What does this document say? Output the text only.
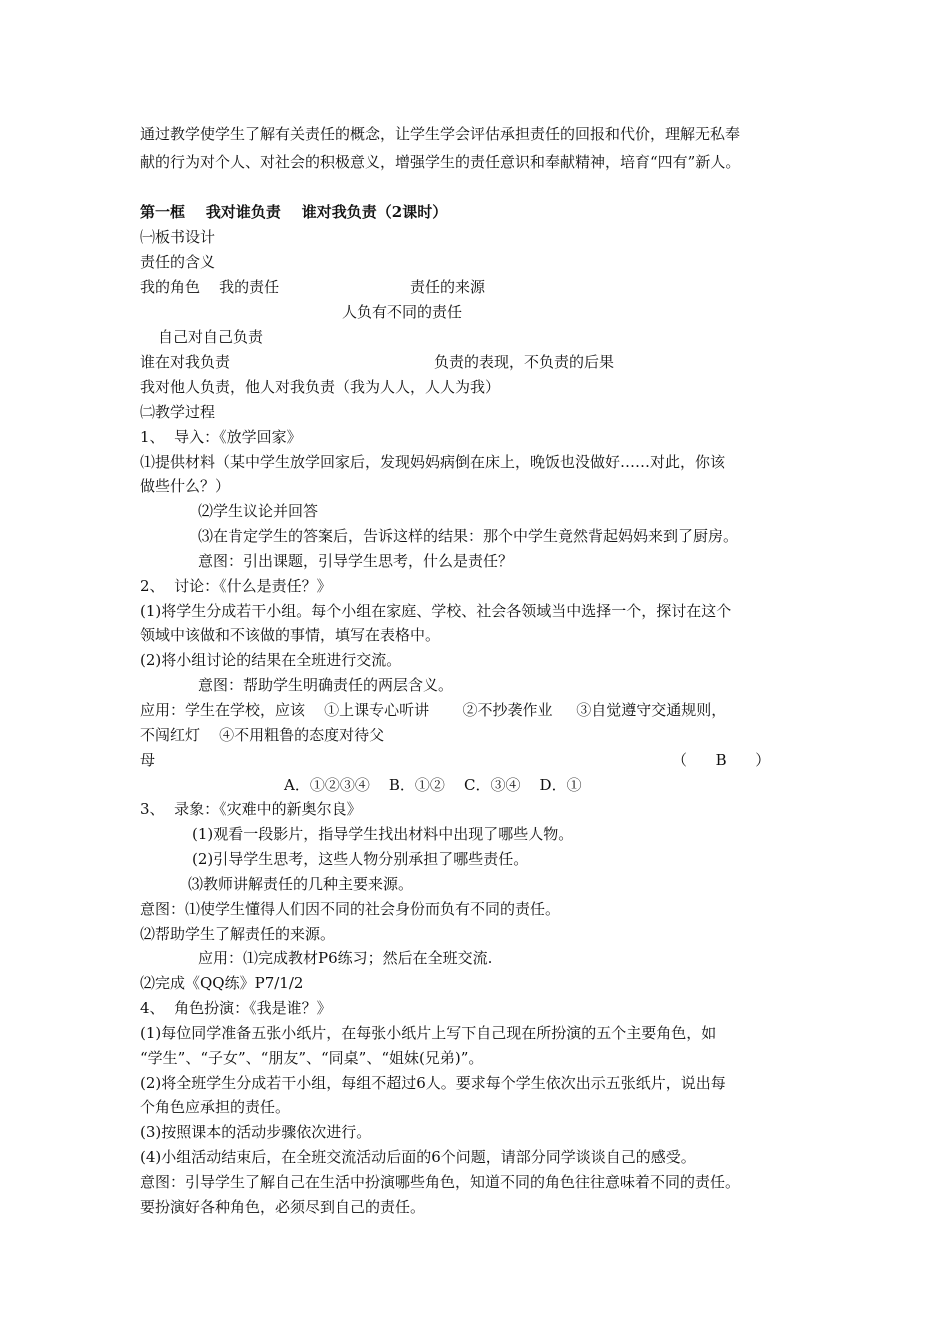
通过教学使学生了解有关责任的概念，让学生学会评估承担责任的回报和代价，理解无私奉
献的行为对个人、对社会的积极意义，增强学生的责任意识和奉献精神，培育“四有”新人。
第一框    我对谁负责    谁对我负责（2课时）
㈠板书设计
责任的含义
我的角色    我的责任	责任的来源
人负有不同的责任
自己对自己负责
谁在对我负责	负责的表现，不负责的后果
我对他人负责，他人对我负责（我为人人，人人为我）
㈡教学过程
1、  导入：《放学回家》
⑴提供材料（某中学生放学回家后，发现妈妈病倒在床上，晚饭也没做好……对此，你该
做些什么？）
⑵学生议论并回答
⑶在肯定学生的答案后，告诉这样的结果：那个中学生竟然背起妈妈来到了厨房。
意图：引出课题，引导学生思考，什么是责任？
2、  讨论：《什么是责任？》
(1)将学生分成若干小组。每个小组在家庭、学校、社会各领域当中选择一个，探讨在这个
领域中该做和不该做的事情，填写在表格中。
(2)将小组讨论的结果在全班进行交流。
意图：帮助学生明确责任的两层含义。
应用：学生在学校，应该    ①上课专心听讲       ②不抄袭作业     ③自觉遵守交通规则，
不闯红灯    ④不用粗鲁的态度对待父
母	（      B      ）
A．①②③④    B．①②    C．③④    D．①
3、  录象：《灾难中的新奥尔良》
(1)观看一段影片，指导学生找出材料中出现了哪些人物。
(2)引导学生思考，这些人物分别承担了哪些责任。
⑶教师讲解责任的几种主要来源。
意图：⑴使学生懂得人们因不同的社会身份而负有不同的责任。
⑵帮助学生了解责任的来源。
应用：⑴完成教材P6练习；然后在全班交流.
⑵完成《QQ练》P7/1/2
4、  角色扮演：《我是谁？》
(1)每位同学准备五张小纸片，在每张小纸片上写下自己现在所扮演的五个主要角色，如
“学生”、“子女”、“朋友”、“同桌”、“姐妹(兄弟)”。
(2)将全班学生分成若干小组，每组不超过6人。要求每个学生依次出示五张纸片，说出每
个角色应承担的责任。
(3)按照课本的活动步骤依次进行。
(4)小组活动结束后，在全班交流活动后面的6个问题，请部分同学谈谈自己的感受。
意图：引导学生了解自己在生活中扮演哪些角色，知道不同的角色往往意味着不同的责任。
要扮演好各种角色，必须尽到自己的责任。
